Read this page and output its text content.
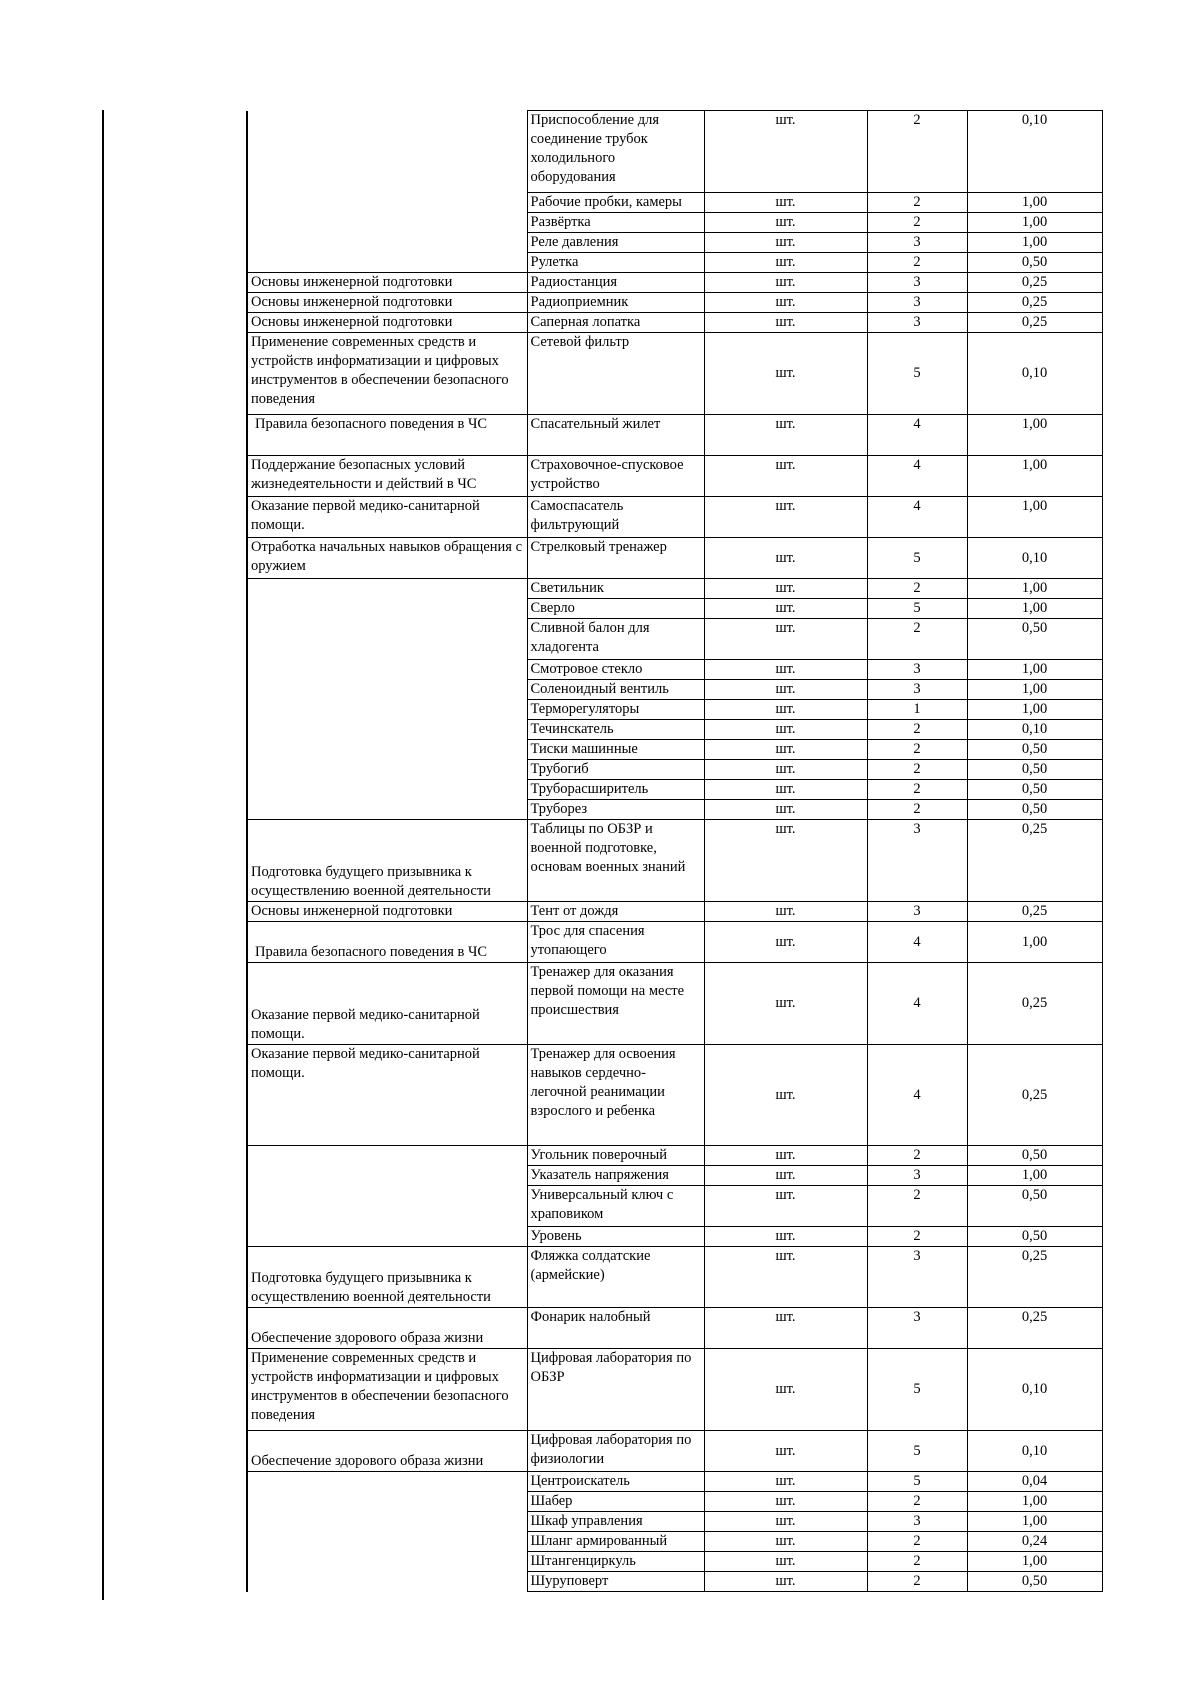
	Приспособление для соединение трубок холодильного оборудования	шт.	2	0,10
	Рабочие пробки, камеры	шт.	2	1,00
	Развёртка	шт.	2	1,00
	Реле давления	шт.	3	1,00
	Рулетка	шт.	2	0,50
Основы инженерной подготовки	Радиостанция	шт.	3	0,25
Основы инженерной подготовки	Радиоприемник	шт.	3	0,25
Основы инженерной подготовки	Саперная лопатка	шт.	3	0,25
Применение современных средств и устройств информатизации и цифровых инструментов в обеспечении безопасного поведения	Сетевой фильтр	шт.	5	0,10
Правила безопасного поведения в ЧС	Спасательный жилет	шт.	4	1,00
Поддержание безопасных условий жизнедеятельности и действий в ЧС	Страховочное-спусковое устройство	шт.	4	1,00
Оказание первой медико-санитарной помощи.	Самоспасатель фильтрующий	шт.	4	1,00
Отработка начальных навыков обращения с оружием	Стрелковый тренажер	шт.	5	0,10
	Светильник	шт.	2	1,00
	Сверло	шт.	5	1,00
	Сливной балон для хладогента	шт.	2	0,50
	Смотровое стекло	шт.	3	1,00
	Соленоидный вентиль	шт.	3	1,00
	Терморегуляторы	шт.	1	1,00
	Течинскатель	шт.	2	0,10
	Тиски машинные	шт.	2	0,50
	Трубогиб	шт.	2	0,50
	Труборасширитель	шт.	2	0,50
	Труборез	шт.	2	0,50
Подготовка будущего призывника к осуществлению военной деятельности	Таблицы по ОБЗР и военной подготовке, основам военных знаний	шт.	3	0,25
Основы инженерной подготовки	Тент от дождя	шт.	3	0,25
Правила безопасного поведения в ЧС	Трос для спасения утопающего	шт.	4	1,00
Оказание первой медико-санитарной помощи.	Тренажер для оказания первой помощи на месте происшествия	шт.	4	0,25
Оказание первой медико-санитарной помощи.	Тренажер для освоения навыков сердечно-легочной реанимации взрослого и ребенка	шт.	4	0,25
	Угольник поверочный	шт.	2	0,50
	Указатель напряжения	шт.	3	1,00
	Универсальный ключ с храповиком	шт.	2	0,50
	Уровень	шт.	2	0,50
Подготовка будущего призывника к осуществлению военной деятельности	Фляжка солдатские (армейские)	шт.	3	0,25
Обеспечение здорового образа жизни	Фонарик налобный	шт.	3	0,25
Применение современных средств и устройств информатизации и цифровых инструментов в обеспечении безопасного поведения	Цифровая лаборатория по ОБЗР	шт.	5	0,10
Обеспечение здорового образа жизни	Цифровая лаборатория по физиологии	шт.	5	0,10
	Центроискатель	шт.	5	0,04
	Шабер	шт.	2	1,00
	Шкаф управления	шт.	3	1,00
	Шланг армированный	шт.	2	0,24
	Штангенциркуль	шт.	2	1,00
	Шуруповерт	шт.	2	0,50
